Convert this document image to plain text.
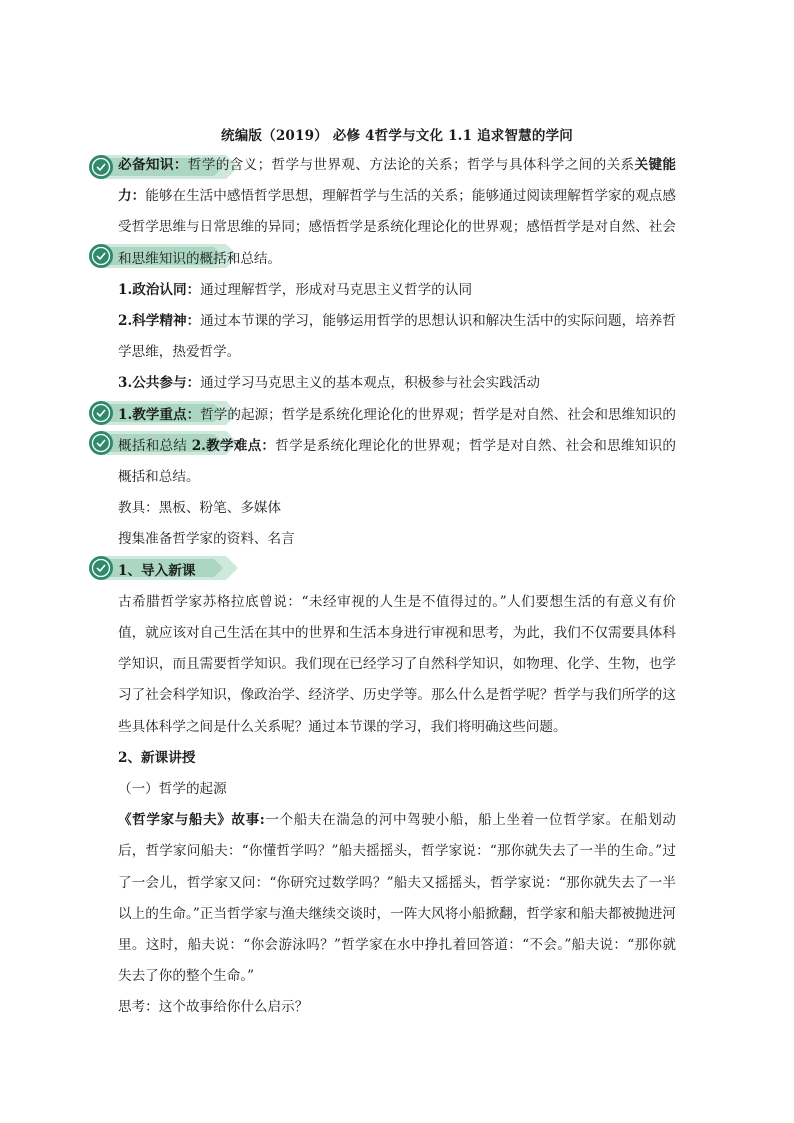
统编版（2019） 必修 4哲学与文化 1.1 追求智慧的学问

必备知识：哲学的含义；哲学与世界观、方法论的关系；哲学与具体科学之间的关系关键能力：能够在生活中感悟哲学思想，理解哲学与生活的关系；能够通过阅读理解哲学家的观点感受哲学思维与日常思维的异同；感悟哲学是系统化理论化的世界观；感悟哲学是对自然、社会和思维知识的概括和总结。

1.政治认同：通过理解哲学，形成对马克思主义哲学的认同

2.科学精神：通过本节课的学习，能够运用哲学的思想认识和解决生活中的实际问题，培养哲学思维，热爱哲学。

3.公共参与：通过学习马克思主义的基本观点，积极参与社会实践活动

1.教学重点：哲学的起源；哲学是系统化理论化的世界观；哲学是对自然、社会和思维知识的概括和总结 2.教学难点：哲学是系统化理论化的世界观；哲学是对自然、社会和思维知识的概括和总结。

教具：黑板、粉笔、多媒体

搜集准备哲学家的资料、名言

1、导入新课

古希腊哲学家苏格拉底曾说：“未经审视的人生是不值得过的。”人们要想生活的有意义有价值，就应该对自己生活在其中的世界和生活本身进行审视和思考，为此，我们不仅需要具体科学知识，而且需要哲学知识。我们现在已经学习了自然科学知识，如物理、化学、生物，也学习了社会科学知识，像政治学、经济学、历史学等。那么什么是哲学呢？哲学与我们所学的这些具体科学之间是什么关系呢？通过本节课的学习，我们将明确这些问题。

2、新课讲授

（一）哲学的起源

《哲学家与船夫》故事:一个船夫在湍急的河中驾驶小船，船上坐着一位哲学家。在船划动后，哲学家问船夫：“你懂哲学吗？”船夫摇摇头，哲学家说：“那你就失去了一半的生命。”过了一会儿，哲学家又问：“你研究过数学吗？”船夫又摇摇头，哲学家说：“那你就失去了一半以上的生命。”正当哲学家与渔夫继续交谈时，一阵大风将小船掀翻，哲学家和船夫都被抛进河里。这时，船夫说：“你会游泳吗？”哲学家在水中挣扎着回答道：“不会。”船夫说：“那你就失去了你的整个生命。”

思考：这个故事给你什么启示？
